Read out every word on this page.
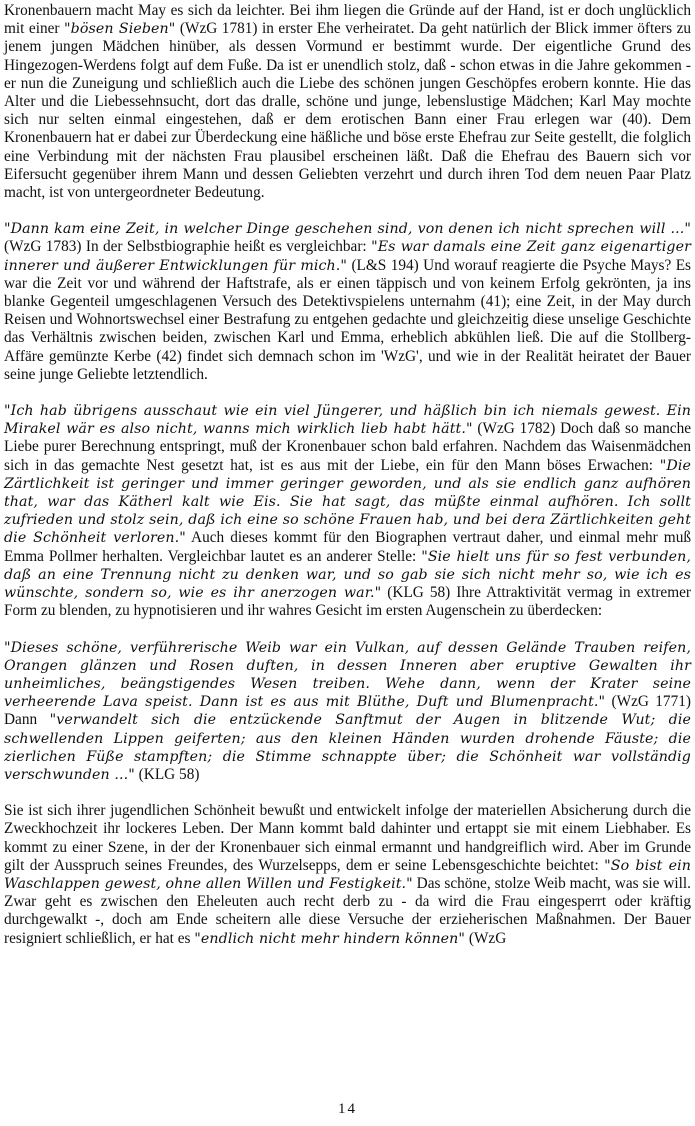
Kronenbauern macht May es sich da leichter. Bei ihm liegen die Gründe auf der Hand, ist er doch unglücklich mit einer "bösen Sieben" (WzG 1781) in erster Ehe verheiratet. Da geht natürlich der Blick immer öfters zu jenem jungen Mädchen hinüber, als dessen Vormund er bestimmt wurde. Der eigentliche Grund des Hingezogen-Werdens folgt auf dem Fuße. Da ist er unendlich stolz, daß - schon etwas in die Jahre gekommen - er nun die Zuneigung und schließlich auch die Liebe des schönen jungen Geschöpfes erobern konnte. Hie das Alter und die Liebessehnsucht, dort das dralle, schöne und junge, lebenslustige Mädchen; Karl May mochte sich nur selten einmal eingestehen, daß er dem erotischen Bann einer Frau erlegen war (40). Dem Kronenbauern hat er dabei zur Überdeckung eine häßliche und böse erste Ehefrau zur Seite gestellt, die folglich eine Verbindung mit der nächsten Frau plausibel erscheinen läßt. Daß die Ehefrau des Bauern sich vor Eifersucht gegenüber ihrem Mann und dessen Geliebten verzehrt und durch ihren Tod dem neuen Paar Platz macht, ist von untergeordneter Bedeutung.

"Dann kam eine Zeit, in welcher Dinge geschehen sind, von denen ich nicht sprechen will ..." (WzG 1783) In der Selbstbiographie heißt es vergleichbar: "Es war damals eine Zeit ganz eigenartiger innerer und äußerer Entwicklungen für mich." (L&S 194) Und worauf reagierte die Psyche Mays? Es war die Zeit vor und während der Haftstrafe, als er einen täppisch und von keinem Erfolg gekrönten, ja ins blanke Gegenteil umgeschlagenen Versuch des Detektivspielens unternahm (41); eine Zeit, in der May durch Reisen und Wohnortswechsel einer Bestrafung zu entgehen gedachte und gleichzeitig diese unselige Geschichte das Verhältnis zwischen beiden, zwischen Karl und Emma, erheblich abkühlen ließ. Die auf die Stollberg-Affäre gemünzte Kerbe (42) findet sich demnach schon im 'WzG', und wie in der Realität heiratet der Bauer seine junge Geliebte letztendlich.

"Ich hab übrigens ausschaut wie ein viel Jüngerer, und häßlich bin ich niemals gewest. Ein Mirakel wär es also nicht, wanns mich wirklich lieb habt hätt." (WzG 1782) Doch daß so manche Liebe purer Berechnung entspringt, muß der Kronenbauer schon bald erfahren. Nachdem das Waisenmädchen sich in das gemachte Nest gesetzt hat, ist es aus mit der Liebe, ein für den Mann böses Erwachen: "Die Zärtlichkeit ist geringer und immer geringer geworden, und als sie endlich ganz aufhören that, war das Kätherl kalt wie Eis. Sie hat sagt, das müßte einmal aufhören. Ich sollt zufrieden und stolz sein, daß ich eine so schöne Frauen hab, und bei dera Zärtlichkeiten geht die Schönheit verloren." Auch dieses kommt für den Biographen vertraut daher, und einmal mehr muß Emma Pollmer herhalten. Vergleichbar lautet es an anderer Stelle: "Sie hielt uns für so fest verbunden, daß an eine Trennung nicht zu denken war, und so gab sie sich nicht mehr so, wie ich es wünschte, sondern so, wie es ihr anerzogen war." (KLG 58) Ihre Attraktivität vermag in extremer Form zu blenden, zu hypnotisieren und ihr wahres Gesicht im ersten Augenschein zu überdecken:

"Dieses schöne, verführerische Weib war ein Vulkan, auf dessen Gelände Trauben reifen, Orangen glänzen und Rosen duften, in dessen Inneren aber eruptive Gewalten ihr unheimliches, beängstigendes Wesen treiben. Wehe dann, wenn der Krater seine verheerende Lava speist. Dann ist es aus mit Blüthe, Duft und Blumenpracht." (WzG 1771) Dann "verwandelt sich die entzückende Sanftmut der Augen in blitzende Wut; die schwellenden Lippen geiferten; aus den kleinen Händen wurden drohende Fäuste; die zierlichen Füße stampften; die Stimme schnappte über; die Schönheit war vollständig verschwunden ..." (KLG 58)

Sie ist sich ihrer jugendlichen Schönheit bewußt und entwickelt infolge der materiellen Absicherung durch die Zweckhochzeit ihr lockeres Leben. Der Mann kommt bald dahinter und ertappt sie mit einem Liebhaber. Es kommt zu einer Szene, in der der Kronenbauer sich einmal ermannt und handgreiflich wird. Aber im Grunde gilt der Ausspruch seines Freundes, des Wurzelsepps, dem er seine Lebensgeschichte beichtet: "So bist ein Waschlappen gewest, ohne allen Willen und Festigkeit." Das schöne, stolze Weib macht, was sie will. Zwar geht es zwischen den Eheleuten auch recht derb zu - da wird die Frau eingesperrt oder kräftig durchgewalkt -, doch am Ende scheitern alle diese Versuche der erzieherischen Maßnahmen. Der Bauer resigniert schließlich, er hat es "endlich nicht mehr hindern können" (WzG

14
